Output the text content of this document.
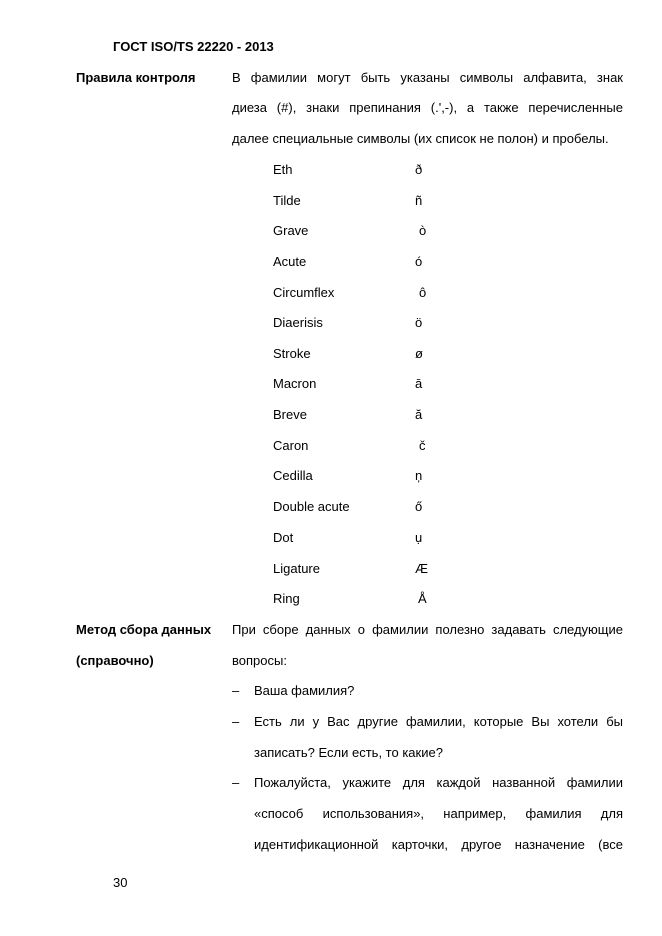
ГОСТ ISO/TS 22220 - 2013
Правила контроля	В фамилии могут быть указаны символы алфавита, знак
диеза (#), знаки препинания (.',-), а также перечисленные
далее специальные символы (их список не полон) и пробелы.
Eth	ð
Tilde	ñ
Grave	ò
Acute	ó
Circumflex	ô
Diaerisis	ö
Stroke	ø
Macron	ā
Breve	ă
Caron	č
Cedilla	ņ
Double acute	ő
Dot	ụ
Ligature	Æ
Ring	Å
Метод сбора данных
(справочно)
При сборе данных о фамилии полезно задавать следующие
вопросы:
– Ваша фамилия?
– Есть ли у Вас другие фамилии, которые Вы хотели бы
записать? Если есть, то какие?
– Пожалуйста, укажите для каждой названной фамилии
«способ использования», например, фамилия для
идентификационной карточки, другое назначение (все
30
